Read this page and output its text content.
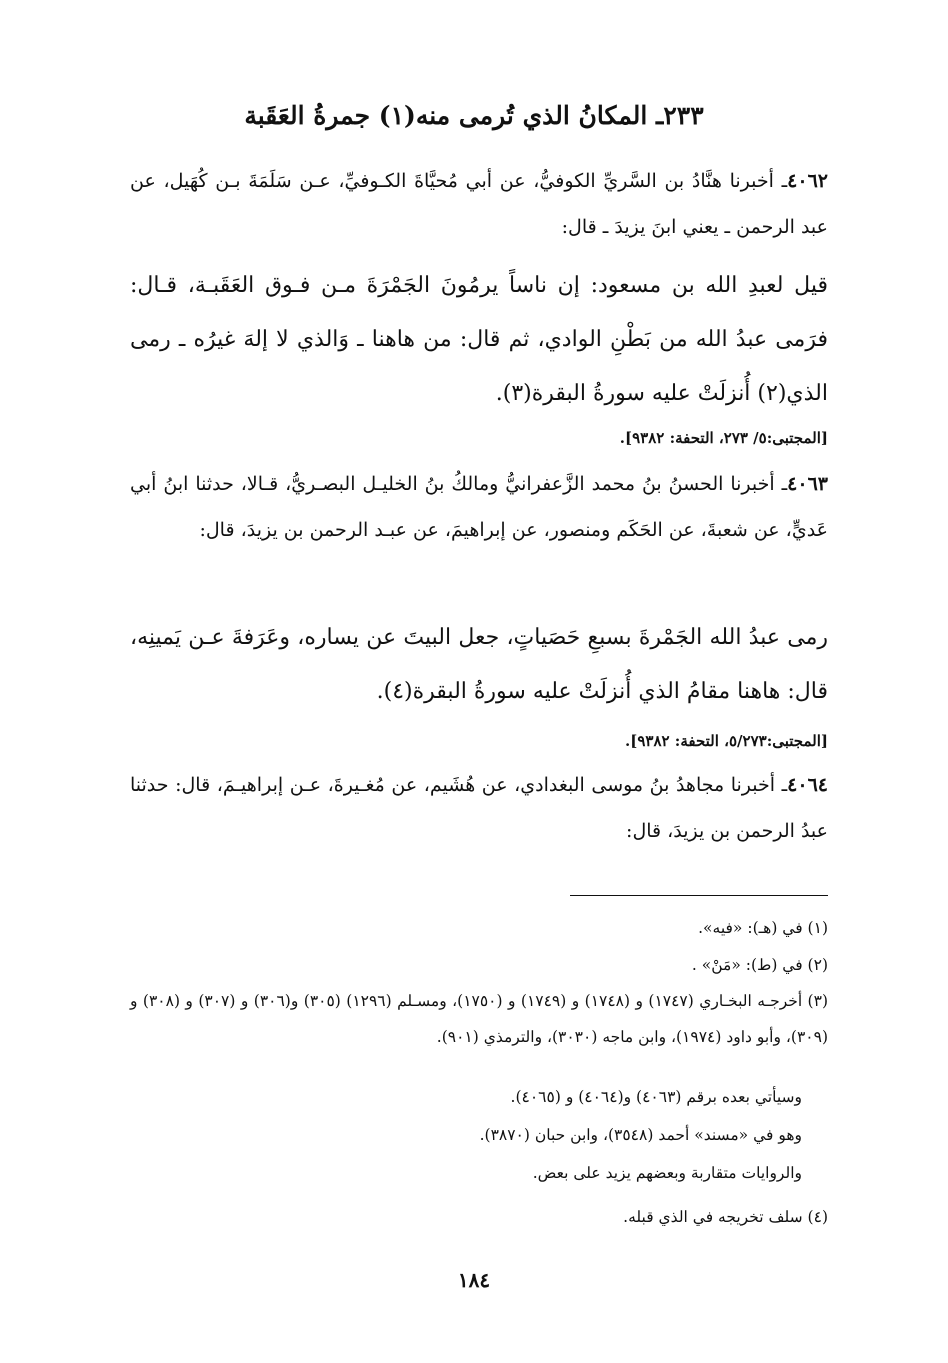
٢٣٣ـ المكانُ الذي تُرمى منه(١) جمرةُ العَقَبة
٤٠٦٢ـ أخبرنا هنَّادُ بن السَّريِّ الكوفيُّ، عن أبي مُحيَّاةَ الكـوفيِّ، عـن سَلَمَةَ بـن كُهَيل، عن عبد الرحمن ـ يعني ابنَ يزيدَ ـ قال:
قيل لعبدِ الله بن مسعود: إن ناساً يرمُونَ الجَمْرَةَ مـن فـوق العَقَبـة، قـال: فرَمى عبدُ الله من بَطْنِ الوادي، ثم قال: من هاهنا ـ وَالذي لا إلهَ غيرُه ـ رمى الذي(٢) أُنزلَتْ عليه سورةُ البقرة(٣).
[المجتبى:٥/ ٢٧٣، التحفة: ٩٣٨٢].
٤٠٦٣ـ أخبرنا الحسنُ بنُ محمد الزَّعفرانيُّ ومالكُ بنُ الخليـل البصـريُّ، قـالا، حدثنا ابنُ أبي عَديٍّ، عن شعبةَ، عن الحَكَم ومنصور، عن إبراهيمَ، عن عبـد الرحمن بن يزيدَ، قال:
رمى عبدُ الله الجَمْرةَ بسبعِ حَصَياتٍ، جعل البيتَ عن يساره، وعَرَفةَ عـن يَمينِه، قال: هاهنا مقامُ الذي أُنزلَتْ عليه سورةُ البقرة(٤).
[المجتبى:٥/٢٧٣، التحفة: ٩٣٨٢].
٤٠٦٤ـ أخبرنا مجاهدُ بنُ موسى البغدادي، عن هُشَيم، عن مُغـيرةَ، عـن إبراهيـمَ، قال: حدثنا عبدُ الرحمن بن يزيدَ، قال:
(١) في (هـ): «فيه».
(٢) في (ط): «مَنْ» .
(٣) أخرجـه البخـاري (١٧٤٧) و (١٧٤٨) و (١٧٤٩) و (١٧٥٠)، ومسـلم (١٢٩٦) (٣٠٥) و(٣٠٦) و (٣٠٧) و (٣٠٨) و (٣٠٩)، وأبو داود (١٩٧٤)، وابن ماجه (٣٠٣٠)، والترمذي (٩٠١).
وسيأتي بعده برقم (٤٠٦٣) و(٤٠٦٤) و (٤٠٦٥).
وهو في «مسند» أحمد (٣٥٤٨)، وابن حبان (٣٨٧٠).
والروايات متقاربة وبعضهم يزيد على بعض.
(٤) سلف تخريجه في الذي قبله.
١٨٤
